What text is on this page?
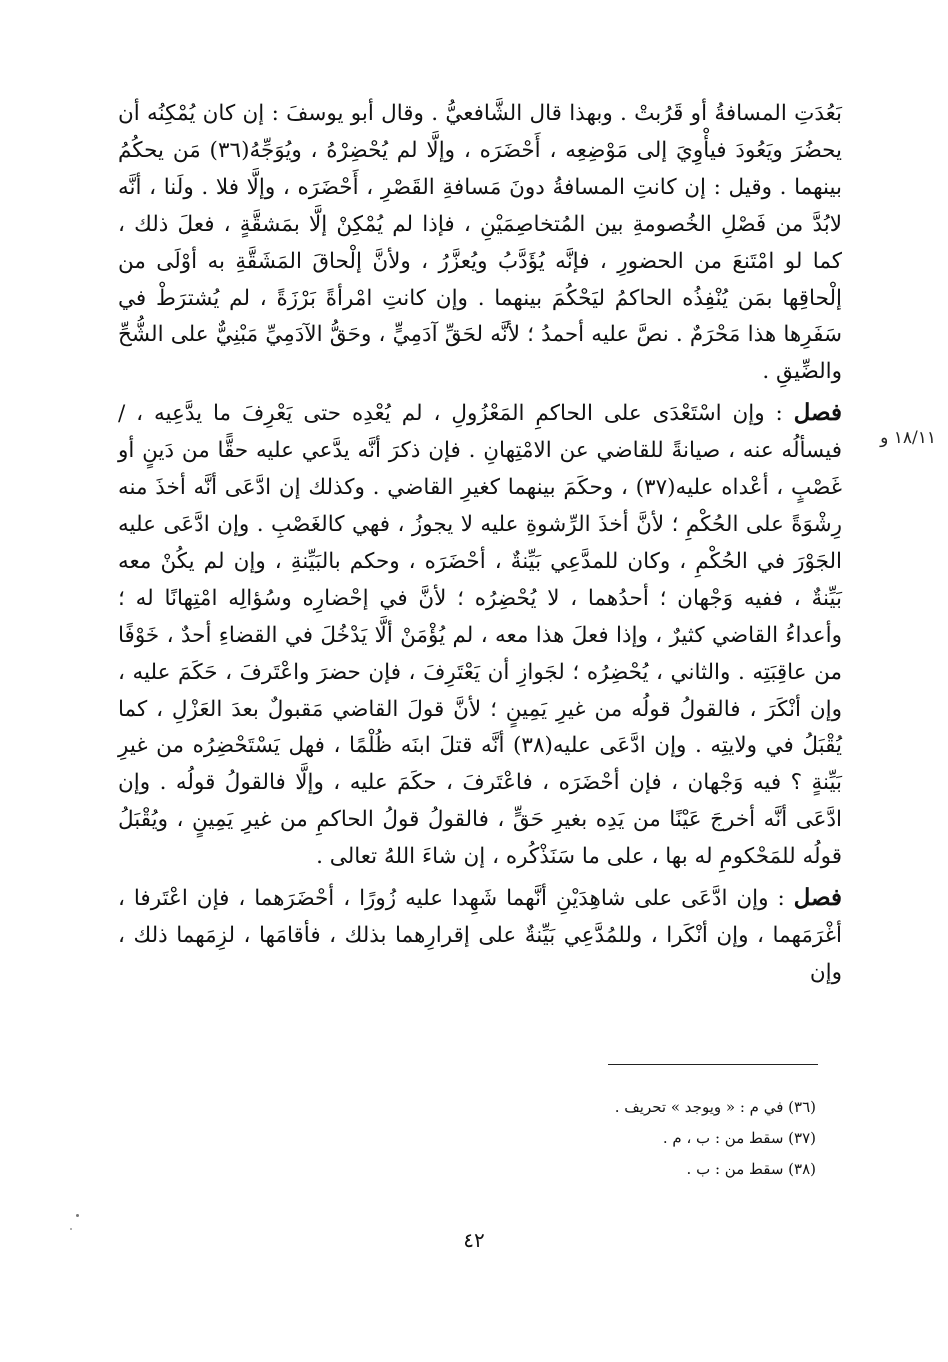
بَعُدَتِ المسافةُ أو قَرُبتْ . وبهذا قال الشَّافعيُّ . وقال أبو يوسفَ : إن كان يُمْكِنُه أن يحضُرَ ويَعُودَ فيأْوِيَ إلى مَوْضِعِه ، أَحْضَرَه ، وإلَّا لم يُحْضِرْهُ ، ويُوَجِّهُ(٣٦) مَن يحكُمُ بينهما . وقيل : إن كانتِ المسافةُ دونَ مَسافةِ القَصْرِ ، أَحْضَرَه ، وإلَّا فلا . ولَنا ، أنَّه لابُدَّ من فَصْلِ الخُصومةِ بين المُتخاصِمَيْنِ ، فإذا لم يُمْكِنْ إلَّا بمَشقَّةٍ ، فعلَ ذلك ، كما لو امْتَنعَ من الحضورِ ، فإنَّه يُؤَدَّبُ ويُعزَّرُ ، ولأنَّ إلْحاقَ المَشَقَّةِ به أوْلَى من إلْحاقِها بمَن يُنْفِذُه الحاكمُ ليَحْكُمَ بينهما . وإن كانتِ امْرأةً بَرْزَةً ، لم يُشترَطْ في سَفَرِها هذا مَحْرَمٌ . نصَّ عليه أحمدُ ؛ لأنَّه لحَقِّ آدَمِيٍّ ، وحَقُّ الآدَمِيِّ مَبْنِيٌّ على الشُّحِّ والضِّيقِ .

فصل : وإن اسْتَعْدَى على الحاكمِ المَعْزُولِ ، لم يُعْدِه حتى يَعْرِفَ ما يدَّعِيه ، / فيسألُه عنه ، صيانةً للقاضي عن الامْتِهانِ . فإن ذكرَ أنَّه يدَّعي عليه حقًّا من دَينٍ أو غَصْبٍ ، أعْداه عليه(٣٧) ، وحكَمَ بينهما كغيرِ القاضي . وكذلك إن ادَّعَى أنَّه أخذَ منه رِشْوَةً على الحُكْمِ ؛ لأنَّ أخذَ الرِّشوةِ عليه لا يجوزُ ، فهي كالغَصْبِ . وإن ادَّعَى عليه الجَوْرَ في الحُكْمِ ، وكان للمدَّعِي بَيِّنةٌ ، أحْضَرَه ، وحكم بالبَيِّنةِ ، وإن لم يكُنْ معه بَيِّنةٌ ، ففيه وَجْهان ؛ أحدُهما ، لا يُحْضِرُه ؛ لأنَّ في إحْضارِه وسُؤالِه امْتِهانًا له ؛ وأعداءُ القاضي كثيرٌ ، وإذا فعلَ هذا معه ، لم يُؤْمَنْ ألَّا يَدْخُلَ في القضاءِ أحدٌ ، خَوْفًا من عاقِبَتِه . والثاني ، يُحْضِرُه ؛ لجَوازِ أن يَعْتَرِفَ ، فإن حضرَ واعْتَرفَ ، حَكَمَ عليه ، وإن أنْكَرَ ، فالقولُ قولُه من غيرِ يَمِينٍ ؛ لأنَّ قولَ القاضي مَقبولٌ بعدَ العَزْلِ ، كما يُقْبَلُ في ولايتِه . وإن ادَّعَى عليه(٣٨) أنَّه قتلَ ابنَه ظُلْمًا ، فهل يَسْتَحْضِرُه من غيرِ بَيِّنةٍ ؟ فيه وَجْهان ، فإن أحْضَرَه ، فاعْتَرفَ ، حكَمَ عليه ، وإلَّا فالقولُ قولُه . وإن ادَّعَى أنَّه أخرجَ عَيْنًا من يَدِه بغيرِ حَقٍّ ، فالقولُ قولُ الحاكمِ من غيرِ يَمِينٍ ، ويُقْبَلُ قولُه للمَحْكومِ له بها ، على ما سَنَذْكُره ، إن شاءَ اللهُ تعالى .

فصل : وإن ادَّعَى على شاهِدَيْنِ أنَّهما شَهِدا عليه زُورًا ، أحْضَرَهما ، فإن اعْتَرفا ، أغْرَمَهما ، وإن أنْكَرا ، وللمُدَّعِي بَيِّنةٌ على إقرارِهما بذلك ، فأقامَها ، لزِمَهما ذلك ، وإن

١٨/١١ و
(٣٦) في م : « ويوجد » تحريف .
(٣٧) سقط من : ب ، م .
(٣٨) سقط من : ب .
٤٢
